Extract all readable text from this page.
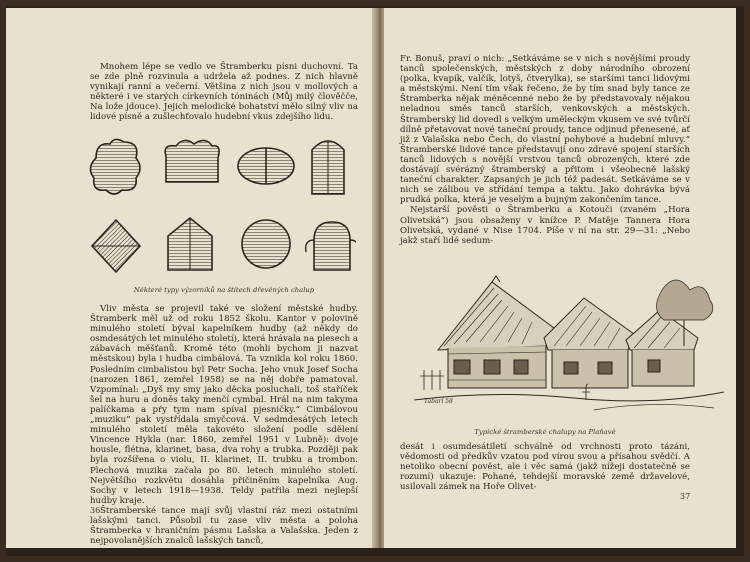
Mnohem lépe se vedlo ve Štramberku písni duchovní. Ta se zde plně rozvinula a udržela až podnes. Z nich hlavně vynikají ranní a večerní. Většina z nich jsou v mollových a některé i ve starých církevních tóninách (Můj milý člověčče, Na lože jdouce). Jejich melodické bohatství mělo silný vliv na lidové písně a zušlechťovalo hudební vkus zdejšího lidu.

Některé typy výzorníků na štítech dřevěných chalup

Vliv města se projevil také ve složení městské hudby. Štramberk měl už od roku 1852 školu. Kantor v polovině minulého století býval kapelníkem hudby (až někdy do osmdesátých let minulého století), která hrávala na plesech a zábavách měšťanů. Kromě této (mohli bychom ji nazvat městskou) byla i hudba cimbálová. Ta vznikla kol roku 1860. Posledním cimbalistou byl Petr Socha. Jeho vnuk Josef Socha (narozen 1861, zemřel 1958) se na něj dobře pamatoval. Vzpomínal: „Dyš my smy jako děcka posluchali, toš staříček šel na huru a doněs taky menčí cymbal. Hrál na nim takyma palíčkama a pŕy tym nam spíval pjesničky.“ Cimbálovou „muziku“ pak vystřídala smyčcová. V sedmdesátých letech minulého století měla takovéto složení podle sdělení Vincence Hykla (nar. 1860, zemřel 1951 v Lubně): dvoje housle, flétna, klarinet, basa, dva rohy a trubka. Později pak byla rozšířena o violu, II. klarinet, II. trubku a trombon. Plechová muzika začala po 80. letech minulého století. Největšího rozkvětu dosáhla přičiněním kapelníka Aug. Sochy v letech 1918—1938. Teldy patřila mezi nejlepší hudby kraje.

Štramberské tance mají svůj vlastní ráz mezi ostatními lašskými tanci. Působil tu zase vliv města a poloha Štramberka v hraničním pásmu Lašska a Valašska. Jeden z nejpovolanějších znalců lašských tanců,

36

Fr. Bonuš, praví o nich: „Setkáváme se v nich s novějšími proudy tanců společenských, městských z doby národního obrození (polka, kvapík, valčík, lotyš, čtverylka), se staršími tanci lidovými a městskými. Není tím však řečeno, že by tím snad byly tance ze Štramberka nějak méněcenné nebo že by představovaly nějakou neladnou směs tanců starších, venkovských a městských. Štramberský lid dovedl s velkým uměleckým vkusem ve své tvůrčí dílně přetavovat nové taneční proudy, tance odjinud přenesené, ať již z Valašska nebo Čech, do vlastní pohybové a hudební mluvy.“ Štramberské lidové tance představují ono zdravé spojení starších tanců lidových s novější vrstvou tanců obrozených, které zde dostávají svérázný štramberský a přitom i všeobecně lašský taneční charakter. Zapsaných je jich též padesát. Setkáváme se v nich se zálibou ve střídání tempa a taktu. Jako dohrávka bývá prudká polka, která je veselým a bujným zakončením tance.

Nejstarší pověsti o Štramberku a Kotouči (zvaném „Hora Olivetská“) jsou obsaženy v knížce P. Matěje Tannera Hora Olivetská, vydané v Nise 1704. Píše v ní na str. 29—31: „Nebo jakž staří lidé sedum-

Tabarí 58
Typické štramberské chalupy na Plaňavě

desát i osumdesátiletí schválně od vrchnosti proto tázáni, vědomosti od předkův vzatou pod vírou svou a přísahou svědčí. A netoliko obecní pověst, ale i věc samá (jakž nížeji dostatečně se rozumí) ukazuje: Pohané, tehdejší moravské země državelové, usilovali zámek na Hoře Olivet-

37
